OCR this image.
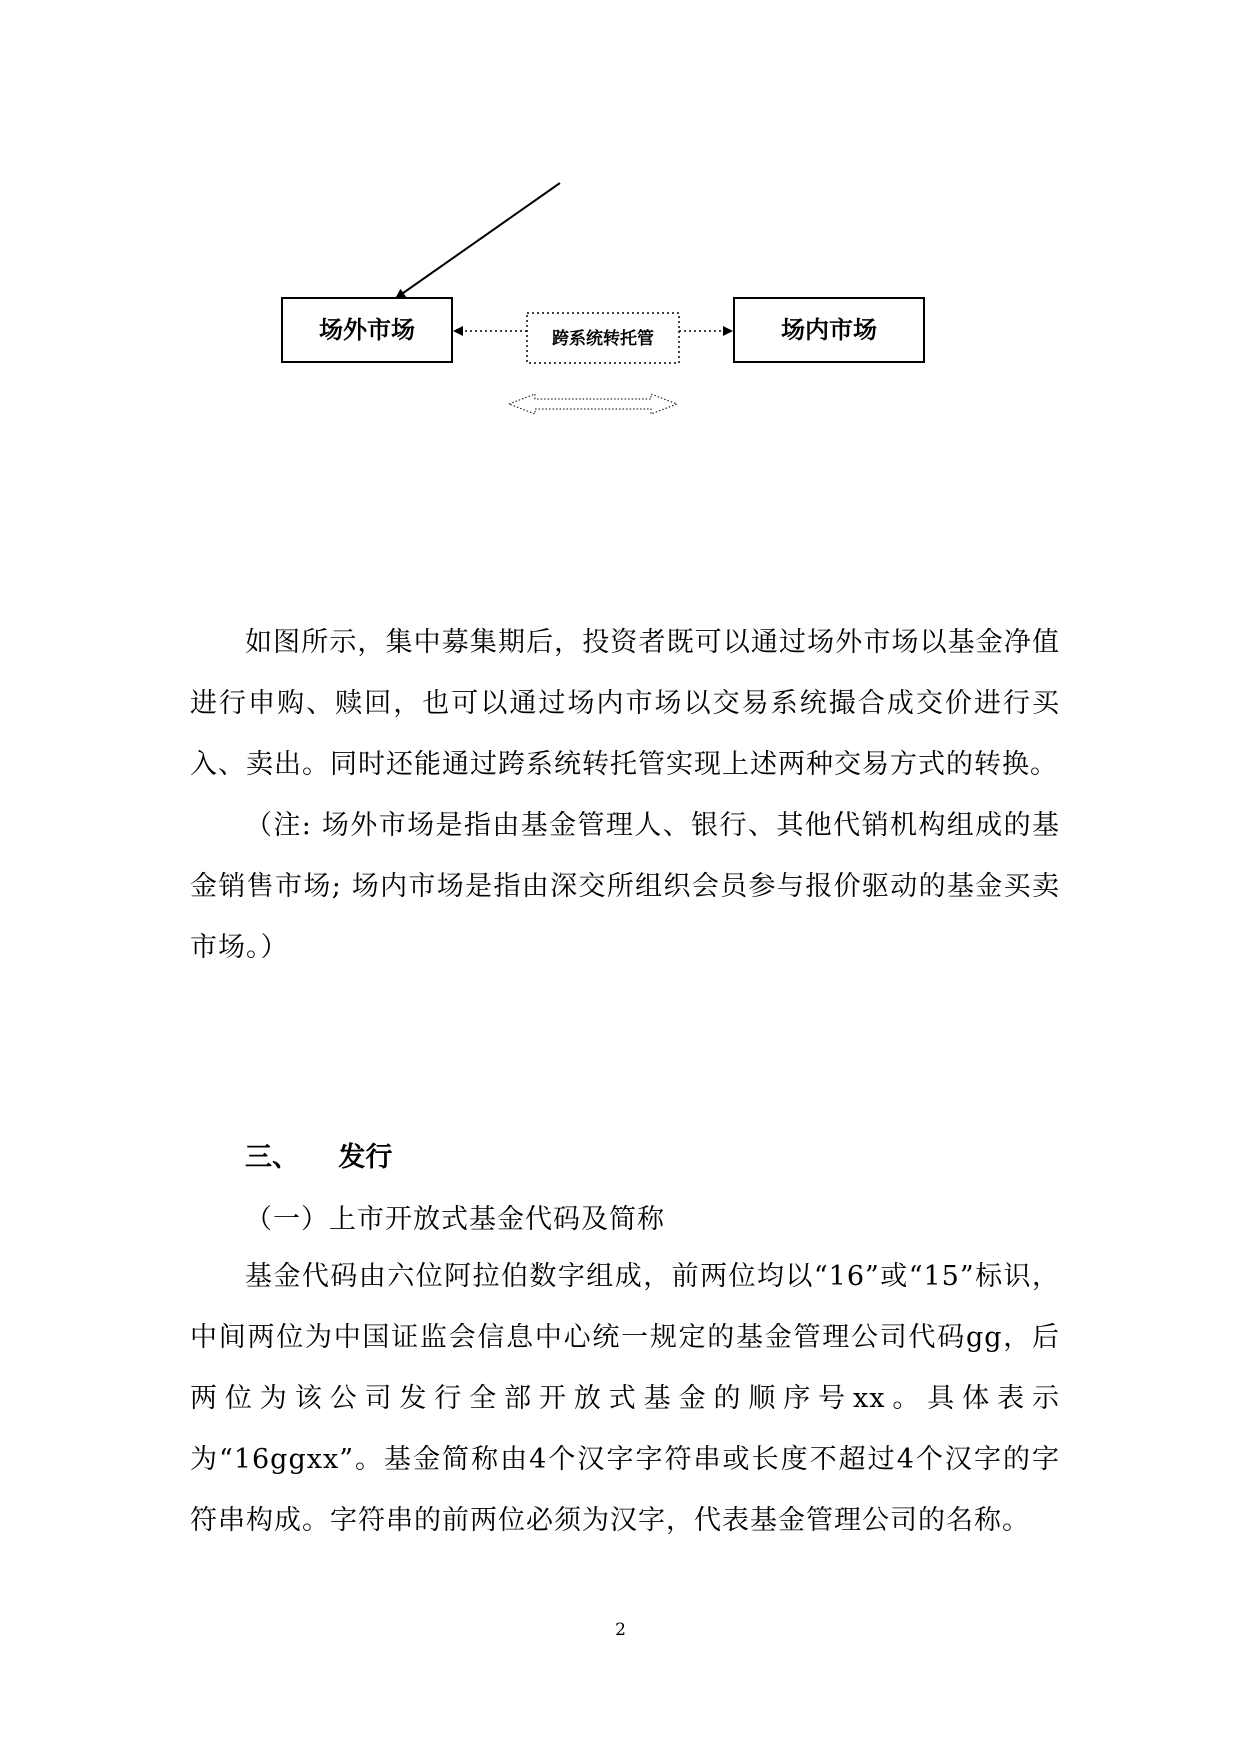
场外市场	场内市场
跨系统转托管

如图所示，集中募集期后，投资者既可以通过场外市场以基金净值进行申购、赎回，也可以通过场内市场以交易系统撮合成交价进行买入、卖出。同时还能通过跨系统转托管实现上述两种交易方式的转换。

（注: 场外市场是指由基金管理人、银行、其他代销机构组成的基金销售市场; 场内市场是指由深交所组织会员参与报价驱动的基金买卖市场。）

三、 发行
（一）上市开放式基金代码及简称

基金代码由六位阿拉伯数字组成，前两位均以“16”或“15”标识，中间两位为中国证监会信息中心统一规定的基金管理公司代码gg，后两位为该公司发行全部开放式基金的顺序号xx。具体表示为“16ggxx”。基金简称由4个汉字字符串或长度不超过4个汉字的字符串构成。字符串的前两位必须为汉字，代表基金管理公司的名称。

2
